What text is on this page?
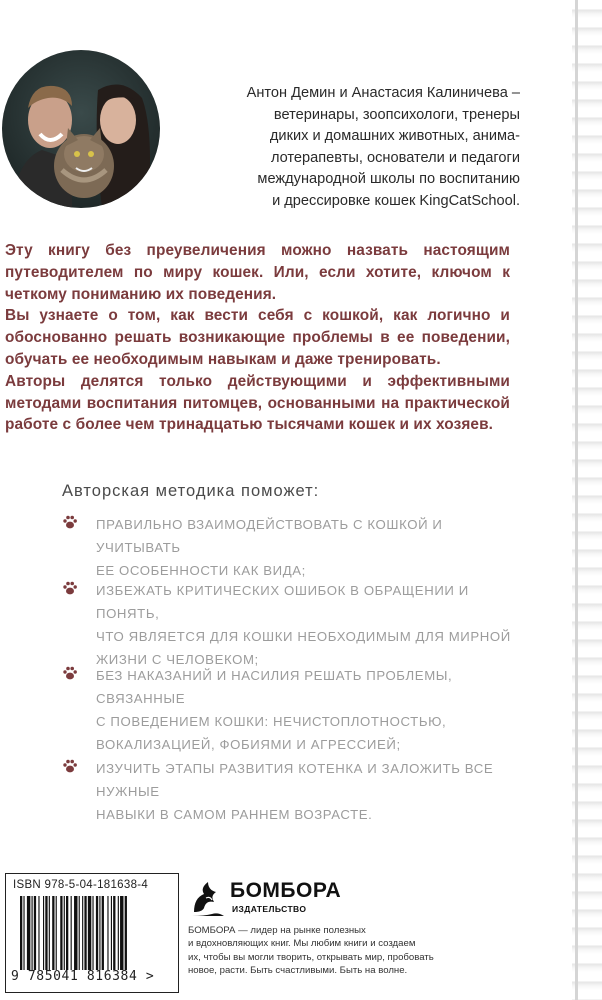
Антон Демин и Анастасия Калиничева –
ветеринары, зоопсихологи, тренеры
диких и домашних животных, анима-
лотерапевты, основатели и педагоги
международной школы по воспитанию
и дрессировке кошек KingCatSchool.

Эту книгу без преувеличения можно назвать настоящим путеводителем по миру кошек. Или, если хотите, ключом к четкому пониманию их поведения.

Вы узнаете о том, как вести себя с кошкой, как логично и обоснованно решать возникающие проблемы в ее поведении, обучать ее необходимым навыкам и даже тренировать.

Авторы делятся только действующими и эффективными методами воспитания питомцев, основанными на практической работе с более чем тринадцатью тысячами кошек и их хозяев.

Авторская методика поможет:
ПРАВИЛЬНО ВЗАИМОДЕЙСТВОВАТЬ С КОШКОЙ И УЧИТЫВАТЬ
ЕЕ ОСОБЕННОСТИ КАК ВИДА;
ИЗБЕЖАТЬ КРИТИЧЕСКИХ ОШИБОК В ОБРАЩЕНИИ И ПОНЯТЬ,
ЧТО ЯВЛЯЕТСЯ ДЛЯ КОШКИ НЕОБХОДИМЫМ ДЛЯ МИРНОЙ
ЖИЗНИ С ЧЕЛОВЕКОМ;
БЕЗ НАКАЗАНИЙ И НАСИЛИЯ РЕШАТЬ ПРОБЛЕМЫ, СВЯЗАННЫЕ
С ПОВЕДЕНИЕМ КОШКИ: НЕЧИСТОПЛОТНОСТЬЮ,
ВОКАЛИЗАЦИЕЙ, ФОБИЯМИ И АГРЕССИЕЙ;
ИЗУЧИТЬ ЭТАПЫ РАЗВИТИЯ КОТЕНКА И ЗАЛОЖИТЬ ВСЕ НУЖНЫЕ
НАВЫКИ В САМОМ РАННЕМ ВОЗРАСТЕ.
ISBN 978-5-04-181638-4
9 785041 816384 >
БОМБОРА
ИЗДАТЕЛЬСТВО
БОМБОРА — лидер на рынке полезных
и вдохновляющих книг. Мы любим книги и создаем
их, чтобы вы могли творить, открывать мир, пробовать
новое, расти. Быть счастливыми. Быть на волне.
